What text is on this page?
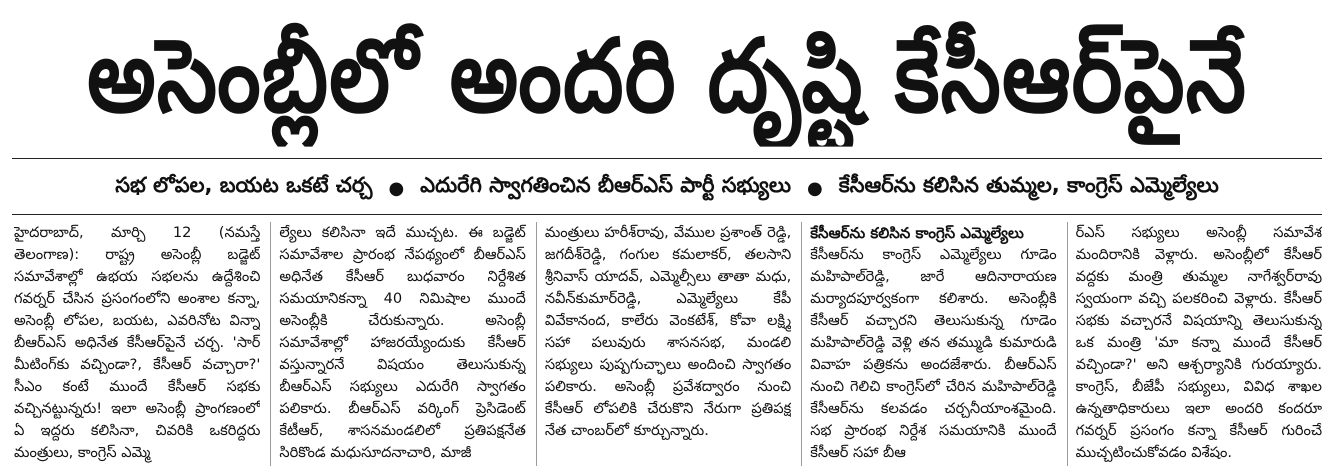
అసెంబ్లీలో అందరి దృష్టి కేసీఆర్‌పైనే
సభ లోపల, బయట ఒకటే చర్చ ● ఎదురేగి స్వాగతించిన బీఆర్‌ఎస్ పార్టీ సభ్యులు ● కేసీఆర్‌ను కలిసిన తుమ్మల, కాంగ్రెస్ ఎమ్మెల్యేలు

హైదరాబాద్, మార్చి 12 (నమస్తే తెలంగాణ): రాష్ట్ర అసెంబ్లీ బడ్జెట్ సమావేశాల్లో ఉభయ సభలను ఉద్దేశించి గవర్నర్ చేసిన ప్రసంగంలోని అంశాల కన్నా, అసెంబ్లీ లోపల, బయట, ఎవరినోట విన్నా బీఆర్‌ఎస్ అధినేత కేసీఆర్‌పైనే చర్చ. 'సార్ మీటింగ్‌కు వచ్చిండా?, కేసీఆర్ వచ్చారా?' సీఎం కంటే ముందే కేసీఆర్ సభకు వచ్చినట్టున్నరు! ఇలా అసెంబ్లీ ప్రాంగణంలో ఏ ఇద్దరు కలిసినా, చివరికి ఒకరిద్దరు మంత్రులు, కాంగ్రెస్ ఎమ్మె

ల్యేలు కలిసినా ఇదే ముచ్చట. ఈ బడ్జెట్ సమావేశాల ప్రారంభ నేపథ్యంలో బీఆర్‌ఎస్ అధినేత కేసీఆర్ బుధవారం నిర్దేశిత సమయానికన్నా 40 నిమిషాల ముందే అసెంబ్లీకి చేరుకున్నారు. అసెంబ్లీ సమావేశాల్లో హాజరయ్యేందుకు కేసీఆర్ వస్తున్నారనే విషయం తెలుసుకున్న బీఆర్‌ఎస్ సభ్యులు ఎదురేగి స్వాగతం పలికారు. బీఆర్‌ఎస్ వర్కింగ్ ప్రెసిడెంట్ కేటీఆర్, శాసనమండలిలో ప్రతిపక్షనేత సిరికొండ మధుసూదనాచారి, మాజీ

మంత్రులు హరీశ్‌రావు, వేముల ప్రశాంత్ రెడ్డి, జగదీశ్‌రెడ్డి, గంగుల కమలాకర్, తలసాని శ్రీనివాస్ యాదవ్, ఎమ్మెల్సీలు తాతా మధు, నవీన్‌కుమార్‌రెడ్డి, ఎమ్మెల్యేలు కేపీ వివేకానంద, కాలేరు వెంకటేశ్, కోవా లక్ష్మి సహా పలువురు శాసనసభ, మండలి సభ్యులు పుష్పగుచ్ఛాలు అందించి స్వాగతం పలికారు. అసెంబ్లీ ప్రవేశద్వారం నుంచి కేసీఆర్ లోపలికి చేరుకొని నేరుగా ప్రతిపక్ష నేత చాంబర్‌లో కూర్చున్నారు.

కేసీఆర్‌ను కలిసిన కాంగ్రెస్ ఎమ్మెల్యేలు

కేసీఆర్‌ను కాంగ్రెస్ ఎమ్మెల్యేలు గూడెం మహిపాల్‌రెడ్డి, జారే ఆదినారాయణ మర్యాదపూర్వకంగా కలిశారు. అసెంబ్లీకి కేసీఆర్ వచ్చారని తెలుసుకున్న గూడెం మహిపాల్‌రెడ్డి వెళ్లి తన తమ్ముడి కుమారుడి వివాహ పత్రికను అందజేశారు. బీఆర్‌ఎస్ నుంచి గెలిచి కాంగ్రెస్‌లో చేరిన మహిపాల్‌రెడ్డి కేసీఆర్‌ను కలవడం చర్చనీయాంశమైంది. సభ ప్రారంభ నిర్దేశ సమయానికి ముందే కేసీఆర్ సహా బీఆ

ర్‌ఎస్ సభ్యులు అసెంబ్లీ సమావేశ మందిరానికి వెళ్లారు. అసెంబ్లీలో కేసీఆర్ వద్దకు మంత్రి తుమ్మల నాగేశ్వర్‌రావు స్వయంగా వచ్చి పలకరించి వెళ్లారు. కేసీఆర్ సభకు వచ్చారనే విషయాన్ని తెలుసుకున్న ఒక మంత్రి 'మా కన్నా ముందే కేసీఆర్ వచ్చిండా?' అని ఆశ్చర్యానికి గురయ్యారు. కాంగ్రెస్, బీజేపీ సభ్యులు, వివిధ శాఖల ఉన్నతాధికారులు ఇలా అందరి కందరూ గవర్నర్ ప్రసంగం కన్నా కేసీఆర్ గురించే ముచ్చటించుకోవడం విశేషం.
